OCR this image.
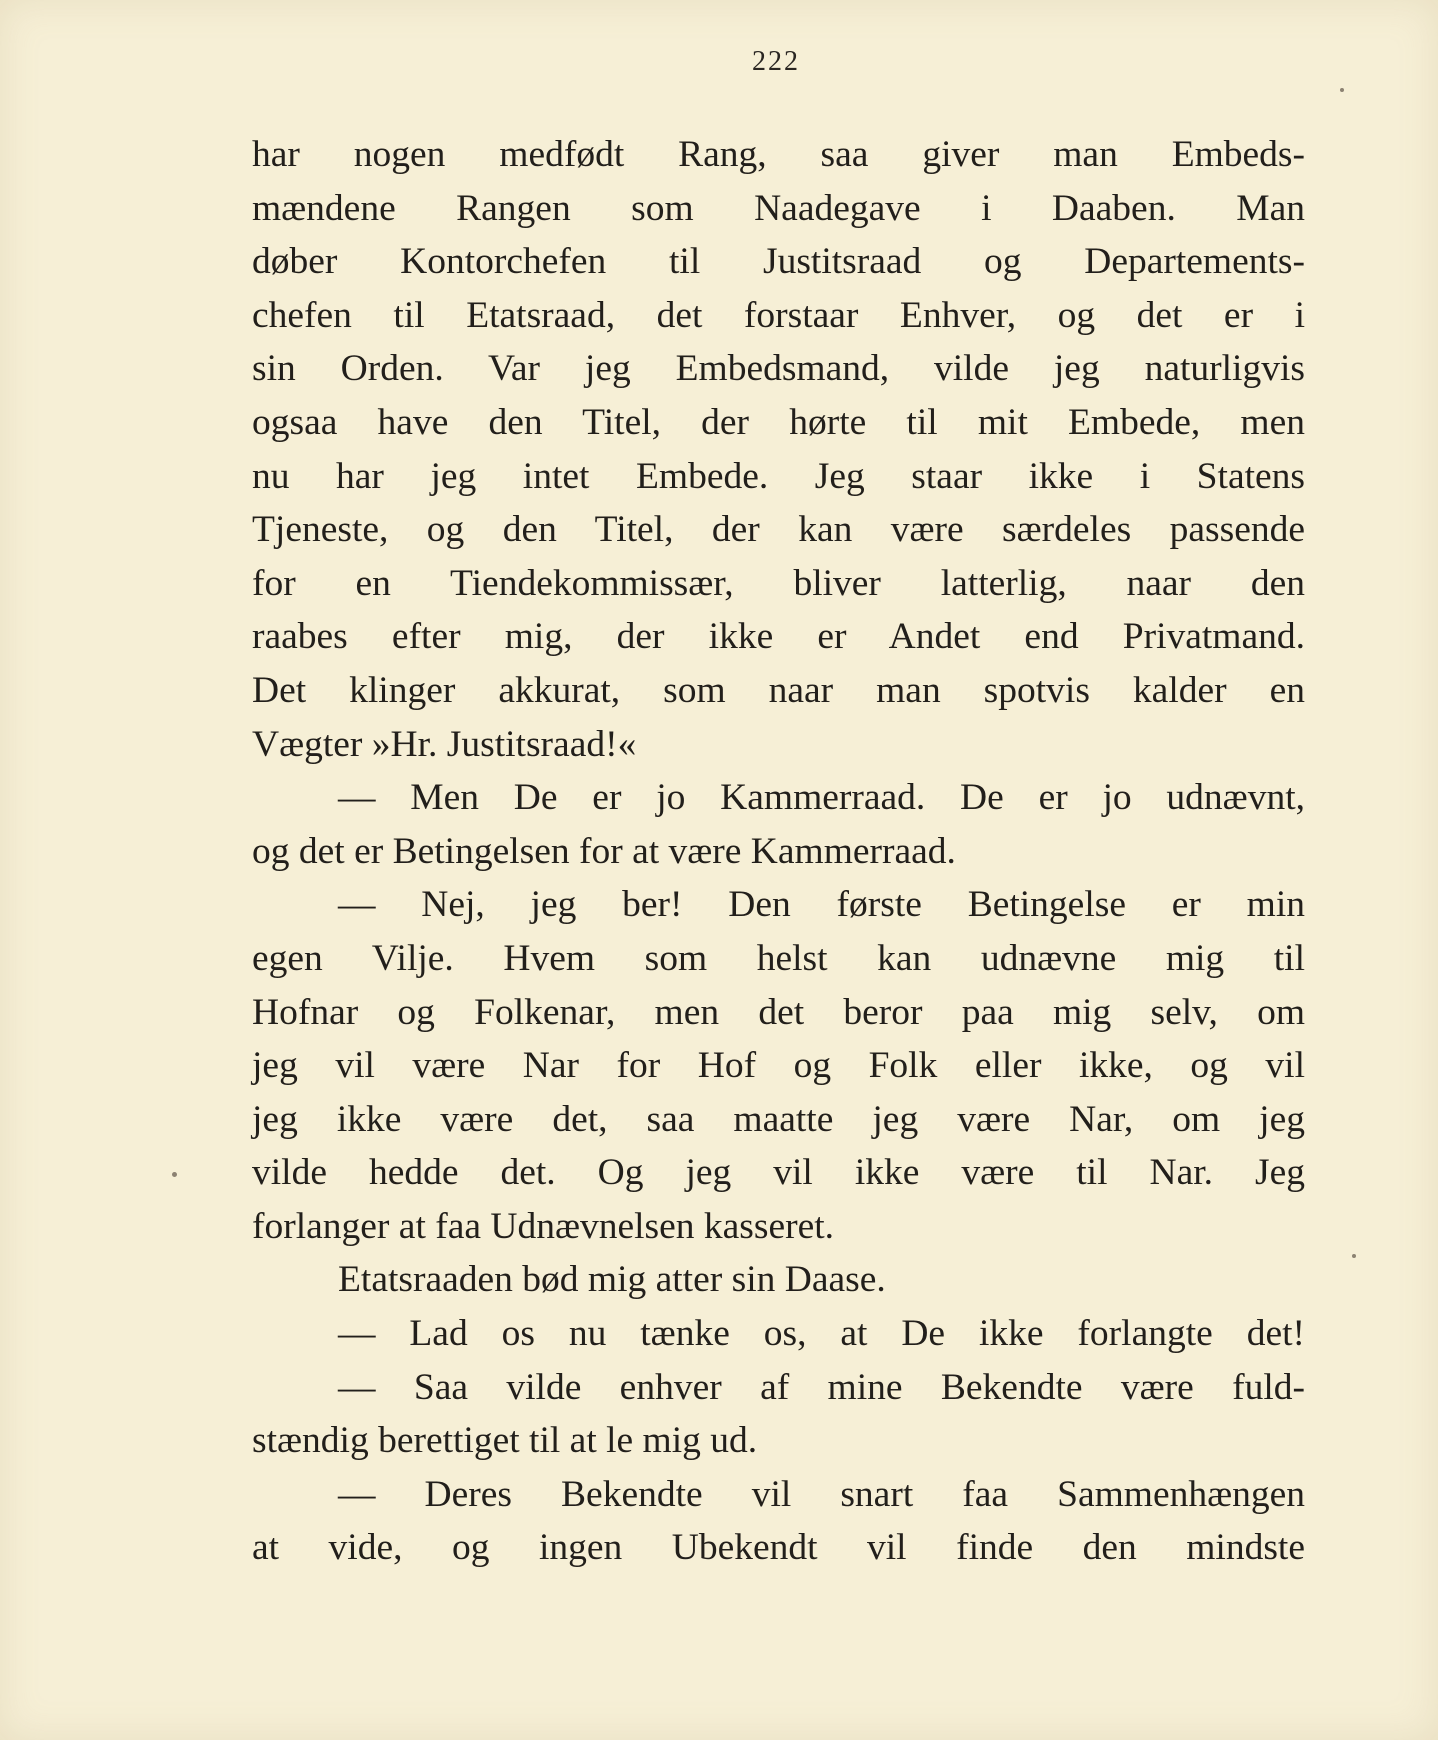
222
har nogen medfødt Rang, saa giver man Embeds-
mændene Rangen som Naadegave i Daaben. Man
døber Kontorchefen til Justitsraad og Departements-
chefen til Etatsraad, det forstaar Enhver, og det er i
sin Orden. Var jeg Embedsmand, vilde jeg naturligvis
ogsaa have den Titel, der hørte til mit Embede, men
nu har jeg intet Embede. Jeg staar ikke i Statens
Tjeneste, og den Titel, der kan være særdeles passende
for en Tiendekommissær, bliver latterlig, naar den
raabes efter mig, der ikke er Andet end Privatmand.
Det klinger akkurat, som naar man spotvis kalder en
Vægter »Hr. Justitsraad!«
— Men De er jo Kammerraad. De er jo udnævnt,
og det er Betingelsen for at være Kammerraad.
— Nej, jeg ber! Den første Betingelse er min
egen Vilje. Hvem som helst kan udnævne mig til
Hofnar og Folkenar, men det beror paa mig selv, om
jeg vil være Nar for Hof og Folk eller ikke, og vil
jeg ikke være det, saa maatte jeg være Nar, om jeg
vilde hedde det. Og jeg vil ikke være til Nar. Jeg
forlanger at faa Udnævnelsen kasseret.
Etatsraaden bød mig atter sin Daase.
— Lad os nu tænke os, at De ikke forlangte det!
— Saa vilde enhver af mine Bekendte være fuld-
stændig berettiget til at le mig ud.
— Deres Bekendte vil snart faa Sammenhængen
at vide, og ingen Ubekendt vil finde den mindste
